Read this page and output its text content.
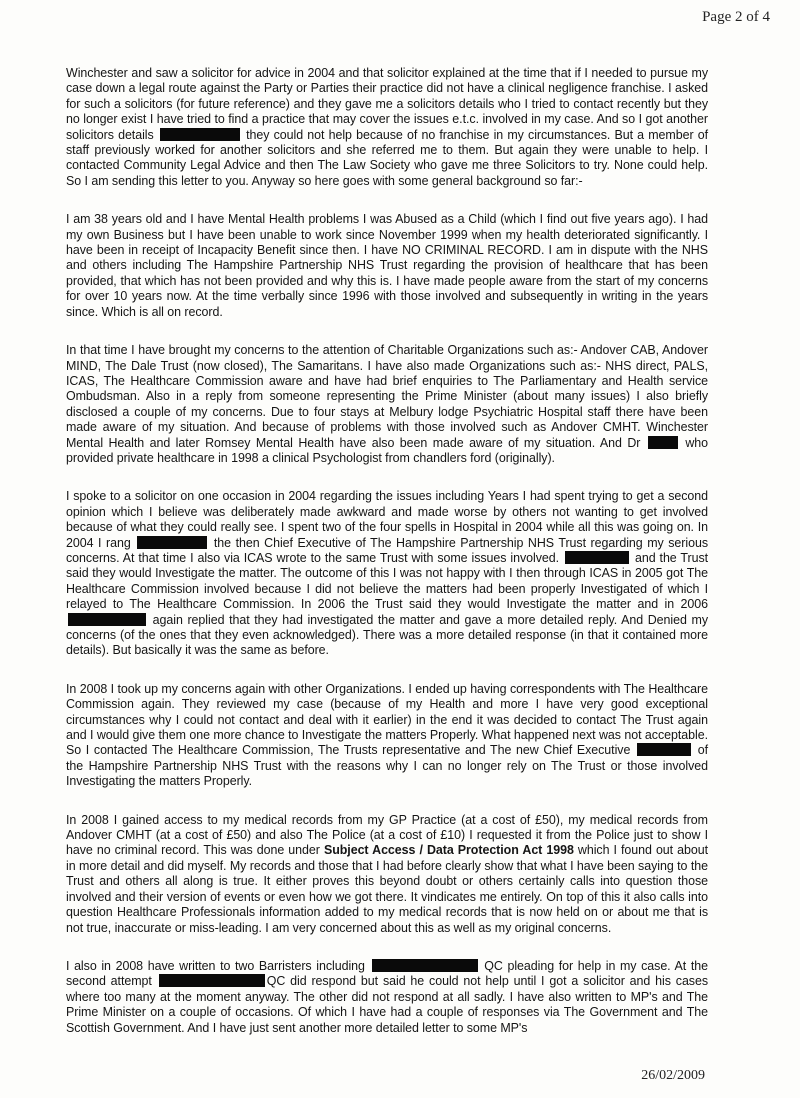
Page 2 of 4

Winchester and saw a solicitor for advice in 2004 and that solicitor explained at the time that if I needed to pursue my case down a legal route against the Party or Parties their practice did not have a clinical negligence franchise. I asked for such a solicitors (for future reference) and they gave me a solicitors details who I tried to contact recently but they no longer exist I have tried to find a practice that may cover the issues e.t.c. involved in my case. And so I got another solicitors details	they could not help because of no franchise in my circumstances. But a member of staff previously worked for another solicitors and she referred me to them. But again they were unable to help. I contacted Community Legal Advice and then The Law Society who gave me three Solicitors to try. None could help. So I am sending this letter to you. Anyway so here goes with some general background so far:-

I am 38 years old and I have Mental Health problems I was Abused as a Child (which I find out five years ago). I had my own Business but I have been unable to work since November 1999 when my health deteriorated significantly. I have been in receipt of Incapacity Benefit since then. I have NO CRIMINAL RECORD. I am in dispute with the NHS and others including The Hampshire Partnership NHS Trust regarding the provision of healthcare that has been provided, that which has not been provided and why this is. I have made people aware from the start of my concerns for over 10 years now. At the time verbally since 1996 with those involved and subsequently in writing in the years since. Which is all on record.

In that time I have brought my concerns to the attention of Charitable Organizations such as:- Andover CAB, Andover MIND, The Dale Trust (now closed), The Samaritans. I have also made Organizations such as:- NHS direct, PALS, ICAS, The Healthcare Commission aware and have had brief enquiries to The Parliamentary and Health service Ombudsman. Also in a reply from someone representing the Prime Minister (about many issues) I also briefly disclosed a couple of my concerns. Due to four stays at Melbury lodge Psychiatric Hospital staff there have been made aware of my situation. And because of problems with those involved such as Andover CMHT. Winchester Mental Health and later Romsey Mental Health have also been made aware of my situation. And Dr	who provided private healthcare in 1998 a clinical Psychologist from chandlers ford (originally).

I spoke to a solicitor on one occasion in 2004 regarding the issues including Years I had spent trying to get a second opinion which I believe was deliberately made awkward and made worse by others not wanting to get involved because of what they could really see. I spent two of the four spells in Hospital in 2004 while all this was going on. In 2004 I rang	the then Chief Executive of The Hampshire Partnership NHS Trust regarding my serious concerns. At that time I also via ICAS wrote to the same Trust with some issues involved.	and the Trust said they would Investigate the matter. The outcome of this I was not happy with I then through ICAS in 2005 got The Healthcare Commission involved because I did not believe the matters had been properly Investigated of which I relayed to The Healthcare Commission. In 2006 the Trust said they would Investigate the matter and in 2006  again replied that they had investigated the matter and gave a more detailed reply. And Denied my concerns (of the ones that they even acknowledged). There was a more detailed response (in that it contained more details). But basically it was the same as before.

In 2008 I took up my concerns again with other Organizations. I ended up having correspondents with The Healthcare Commission again. They reviewed my case (because of my Health and more I have very good exceptional circumstances why I could not contact and deal with it earlier) in the end it was decided to contact The Trust again and I would give them one more chance to Investigate the matters Properly. What happened next was not acceptable. So I contacted The Healthcare Commission, The Trusts representative and The new Chief Executive	of the Hampshire Partnership NHS Trust with the reasons why I can no longer rely on The Trust or those involved Investigating the matters Properly.

In 2008 I gained access to my medical records from my GP Practice (at a cost of £50), my medical records from Andover CMHT (at a cost of £50) and also The Police (at a cost of £10) I requested it from the Police just to show I have no criminal record. This was done under Subject Access / Data Protection Act 1998 which I found out about in more detail and did myself. My records and those that I had before clearly show that what I have been saying to the Trust and others all along is true. It either proves this beyond doubt or others certainly calls into question those involved and their version of events or even how we got there. It vindicates me entirely. On top of this it also calls into question Healthcare Professionals information added to my medical records that is now held on or about me that is not true, inaccurate or miss-leading. I am very concerned about this as well as my original concerns.

I also in 2008 have written to two Barristers including	QC pleading for help in my case. At the second attempt	QC did respond but said he could not help until I got a solicitor and his cases where too many at the moment anyway. The other did not respond at all sadly. I have also written to MP's and The Prime Minister on a couple of occasions. Of which I have had a couple of responses via The Government and The Scottish Government. And I have just sent another more detailed letter to some MP's

26/02/2009
